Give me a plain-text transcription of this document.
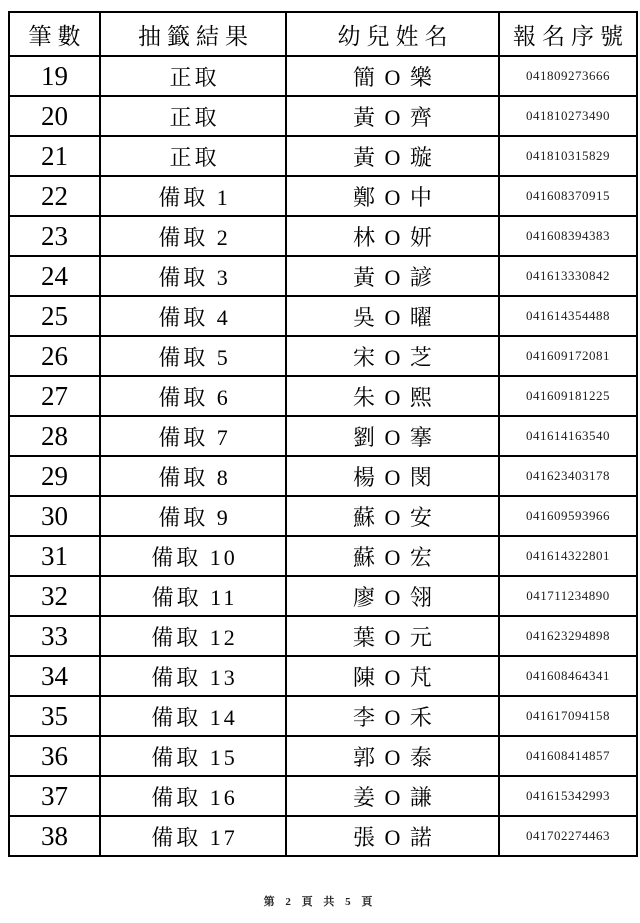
筆數	抽籤結果	幼兒姓名	報名序號
19	正取	簡 O 樂	041809273666
20	正取	黃 O 齊	041810273490
21	正取	黃 O 璇	041810315829
22	備取 1	鄭 O 中	041608370915
23	備取 2	林 O 妍	041608394383
24	備取 3	黃 O 諺	041613330842
25	備取 4	吳 O 曜	041614354488
26	備取 5	宋 O 芝	041609172081
27	備取 6	朱 O 熙	041609181225
28	備取 7	劉 O 搴	041614163540
29	備取 8	楊 O 閔	041623403178
30	備取 9	蘇 O 安	041609593966
31	備取 10	蘇 O 宏	041614322801
32	備取 11	廖 O 翎	041711234890
33	備取 12	葉 O 元	041623294898
34	備取 13	陳 O 芃	041608464341
35	備取 14	李 O 禾	041617094158
36	備取 15	郭 O 泰	041608414857
37	備取 16	姜 O 謙	041615342993
38	備取 17	張 O 諾	041702274463
第 2 頁 共 5 頁
